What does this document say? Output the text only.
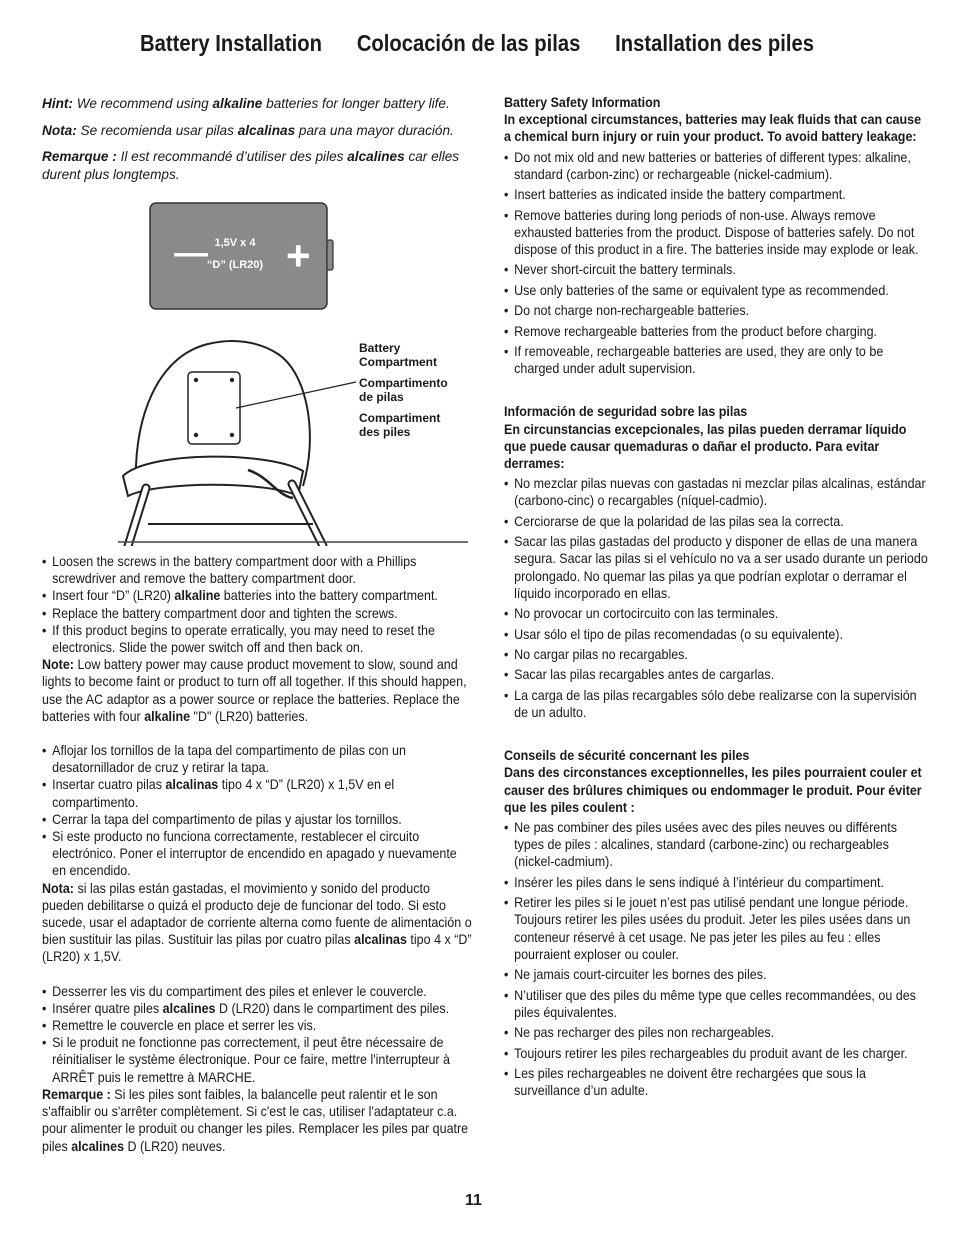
Battery Installation Colocación de las pilas Installation des piles

Hint: We recommend using alkaline batteries for longer battery life.

Nota: Se recomienda usar pilas alcalinas para una mayor duración.

Remarque : Il est recommandé d’utiliser des piles alcalines car elles durent plus longtemps.

— +
1,5V x 4
“D” (LR20)
Battery Compartment
Compartimento de pilas
Compartiment des piles
• Loosen the screws in the battery compartment door with a Phillips screwdriver and remove the battery compartment door.
• Insert four “D” (LR20) alkaline batteries into the battery compartment.
• Replace the battery compartment door and tighten the screws.
• If this product begins to operate erratically, you may need to reset the electronics. Slide the power switch off and then back on.

Note: Low battery power may cause product movement to slow, sound and lights to become faint or product to turn off all together. If this should happen, use the AC adaptor as a power source or replace the batteries. Replace the batteries with four alkaline "D" (LR20) batteries.

• Aflojar los tornillos de la tapa del compartimento de pilas con un desatornillador de cruz y retirar la tapa.
• Insertar cuatro pilas alcalinas tipo 4 x “D” (LR20) x 1,5V en el compartimento.
• Cerrar la tapa del compartimento de pilas y ajustar los tornillos.
• Si este producto no funciona correctamente, restablecer el circuito electrónico. Poner el interruptor de encendido en apagado y nuevamente en encendido.

Nota: si las pilas están gastadas, el movimiento y sonido del producto pueden debilitarse o quizá el producto deje de funcionar del todo. Si esto sucede, usar el adaptador de corriente alterna como fuente de alimentación o bien sustituir las pilas. Sustituir las pilas por cuatro pilas alcalinas tipo 4 x “D” (LR20) x 1,5V.

• Desserrer les vis du compartiment des piles et enlever le couvercle.
• Insérer quatre piles alcalines D (LR20) dans le compartiment des piles.
• Remettre le couvercle en place et serrer les vis.
• Si le produit ne fonctionne pas correctement, il peut être nécessaire de réinitialiser le système électronique. Pour ce faire, mettre l'interrupteur à ARRÊT puis le remettre à MARCHE.

Remarque : Si les piles sont faibles, la balancelle peut ralentir et le son s'affaiblir ou s'arrêter complètement. Si c'est le cas, utiliser l'adaptateur c.a. pour alimenter le produit ou changer les piles. Remplacer les piles par quatre piles alcalines D (LR20) neuves.

Battery Safety Information

In exceptional circumstances, batteries may leak fluids that can cause a chemical burn injury or ruin your product. To avoid battery leakage:

• Do not mix old and new batteries or batteries of different types: alkaline, standard (carbon-zinc) or rechargeable (nickel-cadmium).
• Insert batteries as indicated inside the battery compartment.
• Remove batteries during long periods of non-use. Always remove exhausted batteries from the product. Dispose of batteries safely. Do not dispose of this product in a fire. The batteries inside may explode or leak.
• Never short-circuit the battery terminals.
• Use only batteries of the same or equivalent type as recommended.
• Do not charge non-rechargeable batteries.
• Remove rechargeable batteries from the product before charging.
• If removeable, rechargeable batteries are used, they are only to be charged under adult supervision.

Información de seguridad sobre las pilas

En circunstancias excepcionales, las pilas pueden derramar líquido que puede causar quemaduras o dañar el producto. Para evitar derrames:

• No mezclar pilas nuevas con gastadas ni mezclar pilas alcalinas, estándar (carbono-cinc) o recargables (níquel-cadmio).
• Cerciorarse de que la polaridad de las pilas sea la correcta.
• Sacar las pilas gastadas del producto y disponer de ellas de una manera segura. Sacar las pilas si el vehículo no va a ser usado durante un periodo prolongado. No quemar las pilas ya que podrían explotar o derramar el líquido incorporado en ellas.
• No provocar un cortocircuito con las terminales.
• Usar sólo el tipo de pilas recomendadas (o su equivalente).
• No cargar pilas no recargables.
• Sacar las pilas recargables antes de cargarlas.
• La carga de las pilas recargables sólo debe realizarse con la supervisión de un adulto.

Conseils de sécurité concernant les piles

Dans des circonstances exceptionnelles, les piles pourraient couler et causer des brûlures chimiques ou endommager le produit. Pour éviter que les piles coulent :

• Ne pas combiner des piles usées avec des piles neuves ou différents types de piles : alcalines, standard (carbone-zinc) ou rechargeables (nickel-cadmium).
• Insérer les piles dans le sens indiqué à l’intérieur du compartiment.
• Retirer les piles si le jouet n’est pas utilisé pendant une longue période. Toujours retirer les piles usées du produit. Jeter les piles usées dans un conteneur réservé à cet usage. Ne pas jeter les piles au feu : elles pourraient exploser ou couler.
• Ne jamais court-circuiter les bornes des piles.
• N’utiliser que des piles du même type que celles recommandées, ou des piles équivalentes.
• Ne pas recharger des piles non rechargeables.
• Toujours retirer les piles rechargeables du produit avant de les charger.
• Les piles rechargeables ne doivent être rechargées que sous la surveillance d’un adulte.
11
